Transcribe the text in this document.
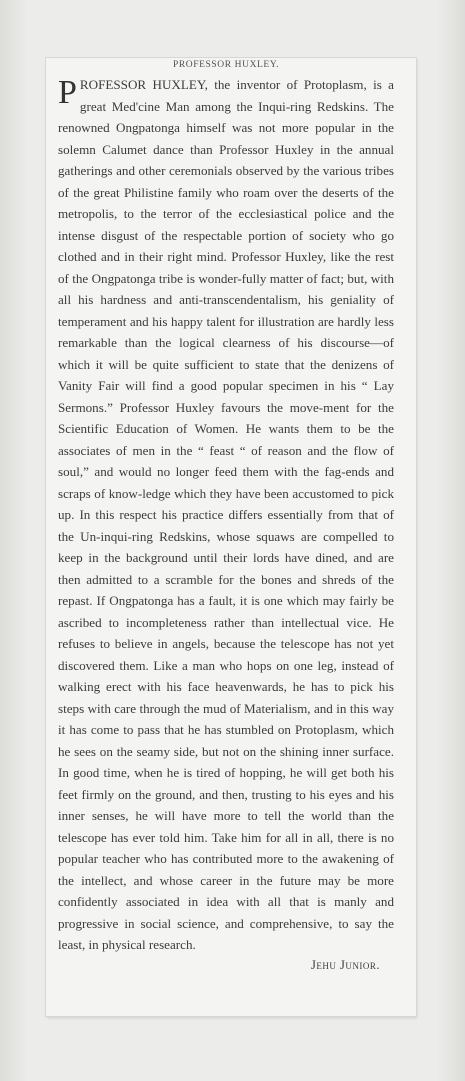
PROFESSOR HUXLEY.

PROFESSOR HUXLEY, the inventor of Protoplasm, is a great Med'cine Man among the Inqui-ring Redskins. The renowned Ongpatonga himself was not more popular in the solemn Calumet dance than Professor Huxley in the annual gatherings and other ceremonials observed by the various tribes of the great Philistine family who roam over the deserts of the metropolis, to the terror of the ecclesiastical police and the intense disgust of the respectable portion of society who go clothed and in their right mind. Professor Huxley, like the rest of the Ongpatonga tribe is wonder-fully matter of fact; but, with all his hardness and anti-transcendentalism, his geniality of temperament and his happy talent for illustration are hardly less remarkable than the logical clearness of his discourse—of which it will be quite sufficient to state that the denizens of Vanity Fair will find a good popular specimen in his “ Lay Sermons.” Professor Huxley favours the move-ment for the Scientific Education of Women. He wants them to be the associates of men in the “ feast “ of reason and the flow of soul,” and would no longer feed them with the fag-ends and scraps of know-ledge which they have been accustomed to pick up. In this respect his practice differs essentially from that of the Un-inqui-ring Redskins, whose squaws are compelled to keep in the background until their lords have dined, and are then admitted to a scramble for the bones and shreds of the repast. If Ongpatonga has a fault, it is one which may fairly be ascribed to incompleteness rather than intellectual vice. He refuses to believe in angels, because the telescope has not yet discovered them. Like a man who hops on one leg, instead of walking erect with his face heavenwards, he has to pick his steps with care through the mud of Materialism, and in this way it has come to pass that he has stumbled on Protoplasm, which he sees on the seamy side, but not on the shining inner surface. In good time, when he is tired of hopping, he will get both his feet firmly on the ground, and then, trusting to his eyes and his inner senses, he will have more to tell the world than the telescope has ever told him. Take him for all in all, there is no popular teacher who has contributed more to the awakening of the intellect, and whose career in the future may be more confidently associated in idea with all that is manly and progressive in social science, and comprehensive, to say the least, in physical research.

Jehu Junior.
